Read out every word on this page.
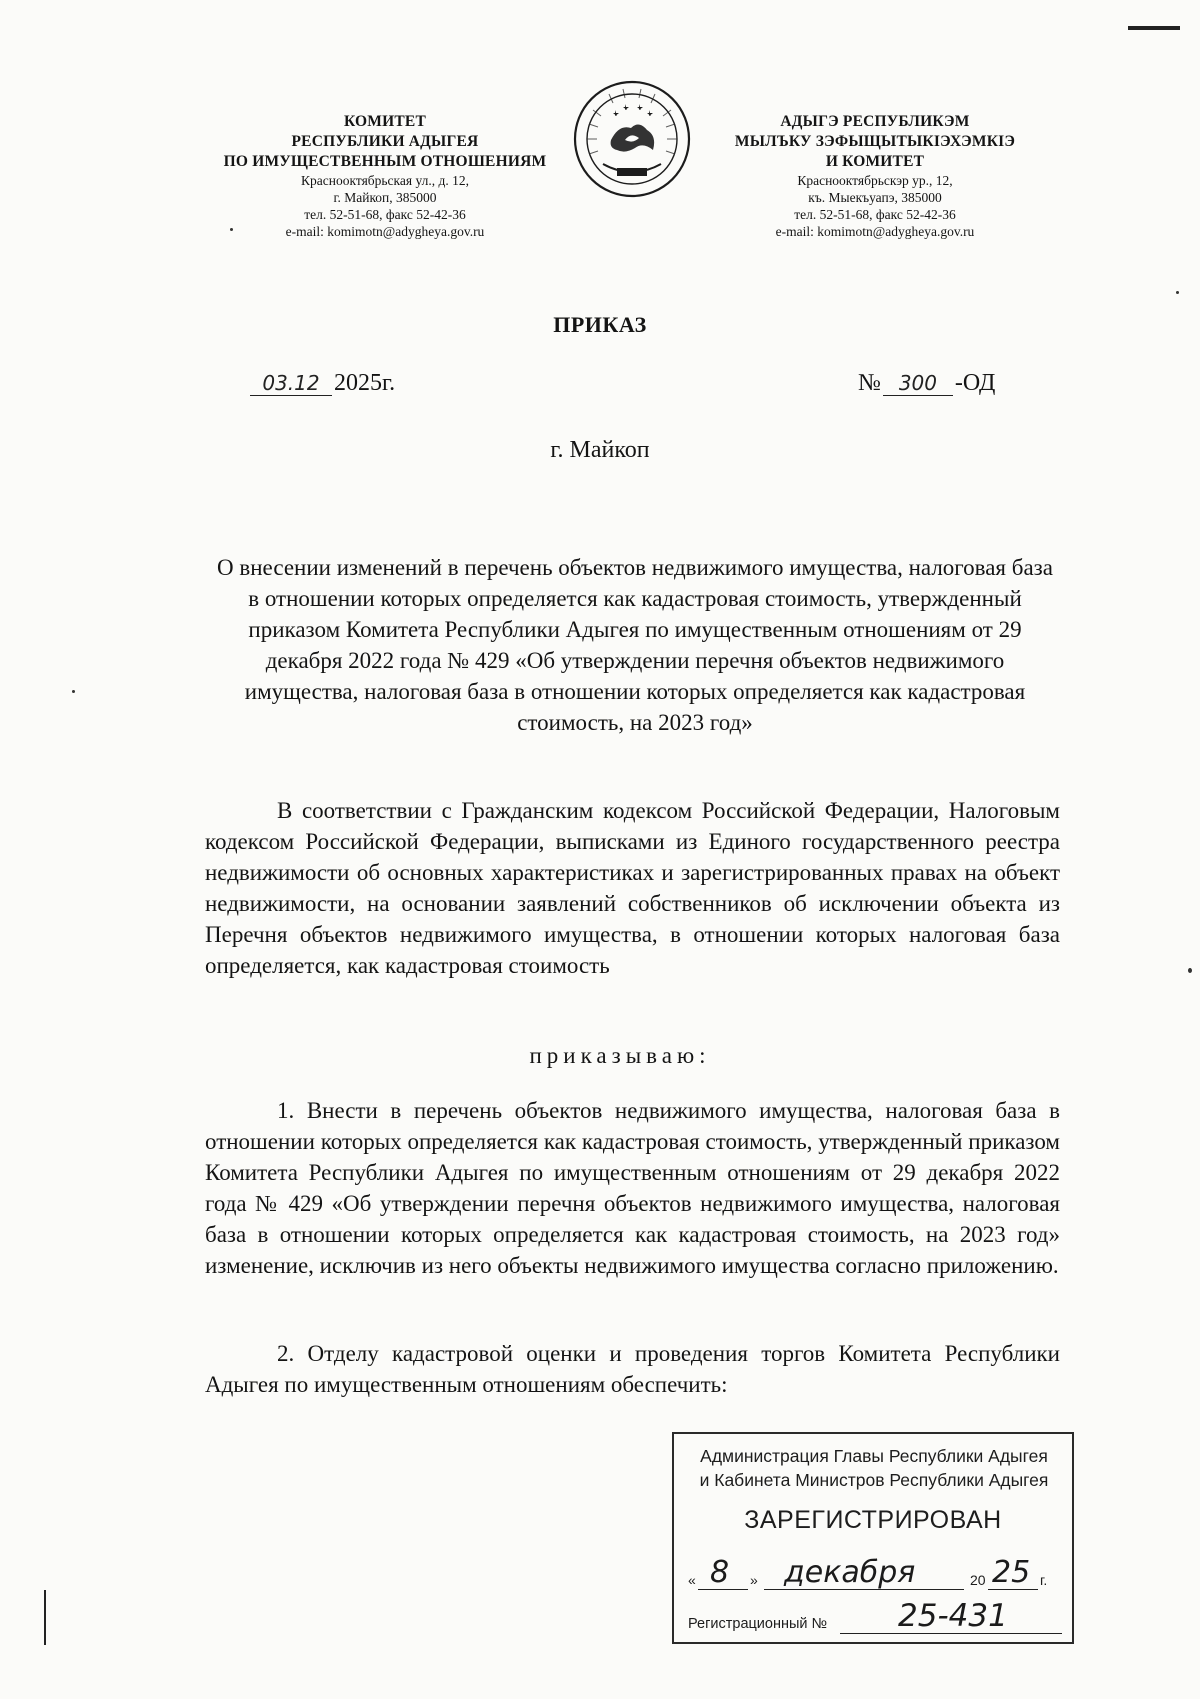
КОМИТЕТ
РЕСПУБЛИКИ АДЫГЕЯ
ПО ИМУЩЕСТВЕННЫМ ОТНОШЕНИЯМ
Краснооктябрьская ул., д. 12,
г. Майкоп, 385000
тел. 52-51-68, факс 52-42-36
e-mail: komimotn@adygheya.gov.ru
АДЫГЭ РЕСПУБЛИКЭМ
МЫЛЪКУ ЗЭФЫЩЫТЫКIЭХЭМКIЭ
И КОМИТЕТ
Краснооктябрьскэр ур., 12,
къ. Мыекъуапэ, 385000
тел. 52-51-68, факс 52-42-36
e-mail: komimotn@adygheya.gov.ru
ПРИКАЗ
03.12 2025г.	№ 300 -ОД
г. Майкоп
О внесении изменений в перечень объектов недвижимого имущества, налоговая база в отношении которых определяется как кадастровая стоимость, утвержденный приказом Комитета Республики Адыгея по имущественным отношениям от 29 декабря 2022 года № 429 «Об утверждении перечня объектов недвижимого имущества, налоговая база в отношении которых определяется как кадастровая стоимость, на 2023 год»
В соответствии с Гражданским кодексом Российской Федерации, Налоговым кодексом Российской Федерации, выписками из Единого государственного реестра недвижимости об основных характеристиках и зарегистрированных правах на объект недвижимости, на основании заявлений собственников об исключении объекта из Перечня объектов недвижимого имущества, в отношении которых налоговая база определяется, как кадастровая стоимость
приказываю:
1. Внести в перечень объектов недвижимого имущества, налоговая база в отношении которых определяется как кадастровая стоимость, утвержденный приказом Комитета Республики Адыгея по имущественным отношениям от 29 декабря 2022 года № 429 «Об утверждении перечня объектов недвижимого имущества, налоговая база в отношении которых определяется как кадастровая стоимость, на 2023 год» изменение, исключив из него объекты недвижимого имущества согласно приложению.
2. Отделу кадастровой оценки и проведения торгов Комитета Республики Адыгея по имущественным отношениям обеспечить:
Администрация Главы Республики Адыгея
и Кабинета Министров Республики Адыгея
ЗАРЕГИСТРИРОВАН
« 8 » декабря	20 25 г.
Регистрационный № 25-431
